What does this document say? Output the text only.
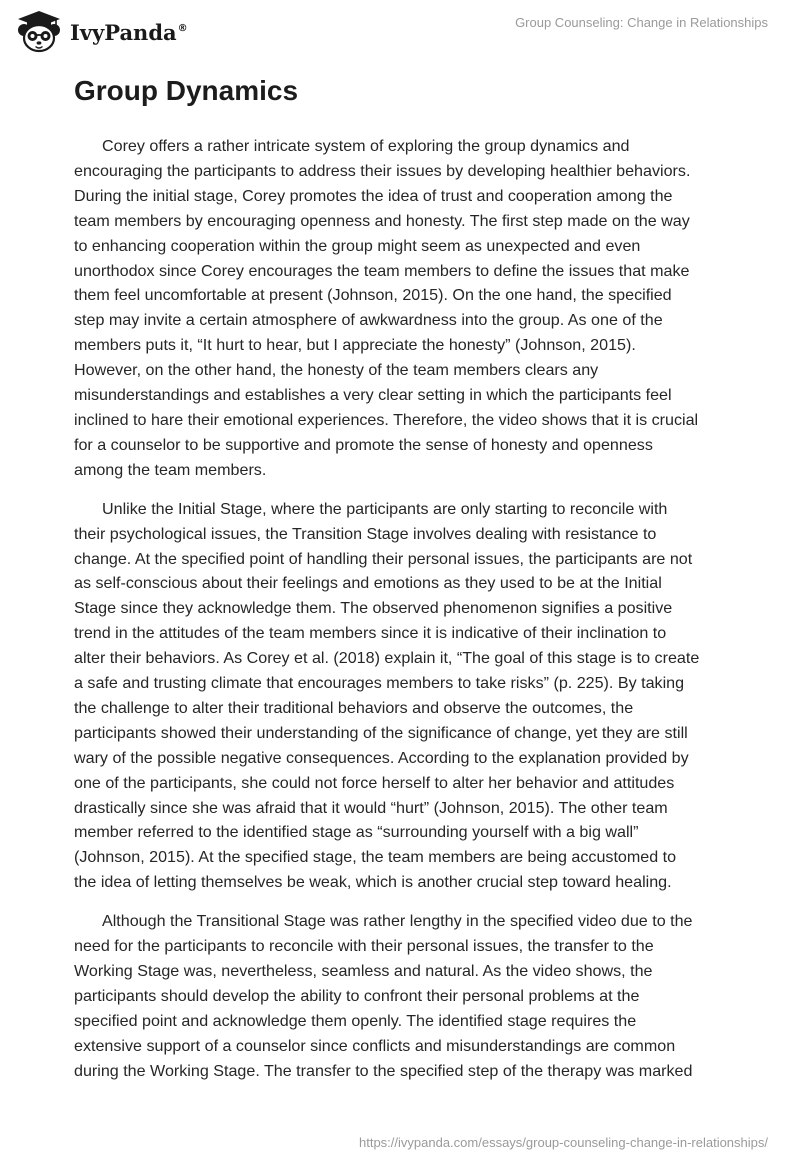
IvyPanda®	Group Counseling: Change in Relationships
Group Dynamics

Corey offers a rather intricate system of exploring the group dynamics and
encouraging the participants to address their issues by developing healthier behaviors.
During the initial stage, Corey promotes the idea of trust and cooperation among the
team members by encouraging openness and honesty. The first step made on the way
to enhancing cooperation within the group might seem as unexpected and even
unorthodox since Corey encourages the team members to define the issues that make
them feel uncomfortable at present (Johnson, 2015). On the one hand, the specified
step may invite a certain atmosphere of awkwardness into the group. As one of the
members puts it, “It hurt to hear, but I appreciate the honesty” (Johnson, 2015).
However, on the other hand, the honesty of the team members clears any
misunderstandings and establishes a very clear setting in which the participants feel
inclined to hare their emotional experiences. Therefore, the video shows that it is crucial
for a counselor to be supportive and promote the sense of honesty and openness
among the team members.

Unlike the Initial Stage, where the participants are only starting to reconcile with
their psychological issues, the Transition Stage involves dealing with resistance to
change. At the specified point of handling their personal issues, the participants are not
as self-conscious about their feelings and emotions as they used to be at the Initial
Stage since they acknowledge them. The observed phenomenon signifies a positive
trend in the attitudes of the team members since it is indicative of their inclination to
alter their behaviors. As Corey et al. (2018) explain it, “The goal of this stage is to create
a safe and trusting climate that encourages members to take risks” (p. 225). By taking
the challenge to alter their traditional behaviors and observe the outcomes, the
participants showed their understanding of the significance of change, yet they are still
wary of the possible negative consequences. According to the explanation provided by
one of the participants, she could not force herself to alter her behavior and attitudes
drastically since she was afraid that it would “hurt” (Johnson, 2015). The other team
member referred to the identified stage as “surrounding yourself with a big wall”
(Johnson, 2015). At the specified stage, the team members are being accustomed to
the idea of letting themselves be weak, which is another crucial step toward healing.

Although the Transitional Stage was rather lengthy in the specified video due to the
need for the participants to reconcile with their personal issues, the transfer to the
Working Stage was, nevertheless, seamless and natural. As the video shows, the
participants should develop the ability to confront their personal problems at the
specified point and acknowledge them openly. The identified stage requires the
extensive support of a counselor since conflicts and misunderstandings are common
during the Working Stage. The transfer to the specified step of the therapy was marked

https://ivypanda.com/essays/group-counseling-change-in-relationships/
